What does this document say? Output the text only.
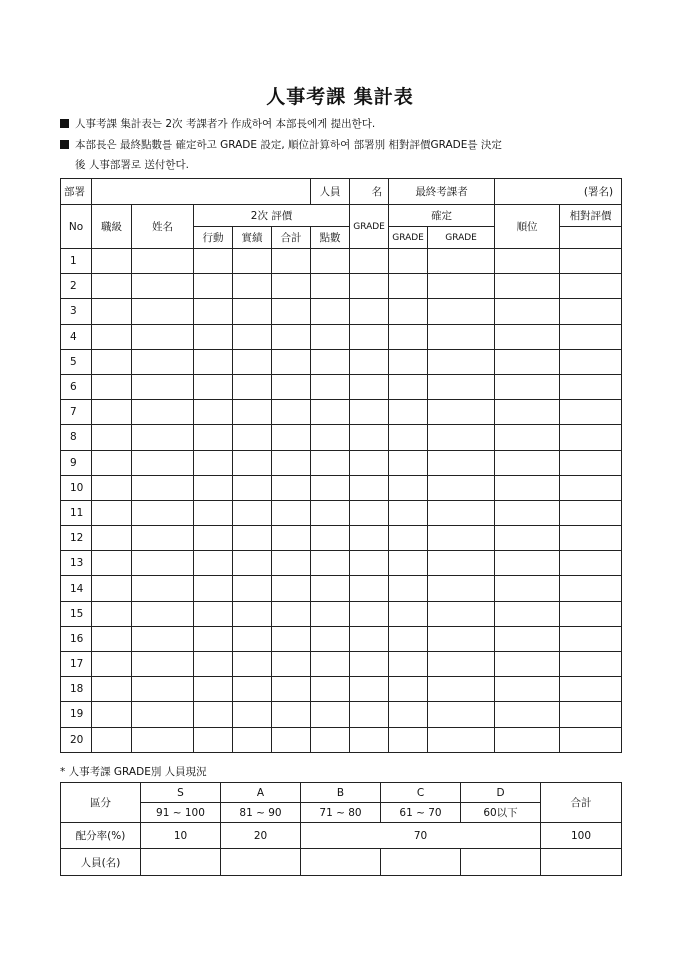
人事考課 集計表
人事考課 集計表는 2次 考課者가 作成하여 本部長에게 提出한다.
本部長은 最終點數를 確定하고 GRADE 設定, 順位計算하여 部署別 相對評價GRADE를 決定
後 人事部署로 送付한다.
部署						人員	名	最終考課者		(署名)		
No	職級	姓名	2次 評價				GRADE	確定		順位	相對評價	
			行動	實績	合計	點數		GRADE	GRADE			
1												
2												
3												
4												
5												
6												
7												
8												
9												
10												
11												
12												
13												
14												
15												
16												
17												
18												
19												
20												
* 人事考課 GRADE別 人員現況
區分	S	A	B	C	D	合計
	91 ~ 100	81 ~ 90	71 ~ 80	61 ~ 70	60以下	
配分率(%)	10	20	70			100
人員(名)						
